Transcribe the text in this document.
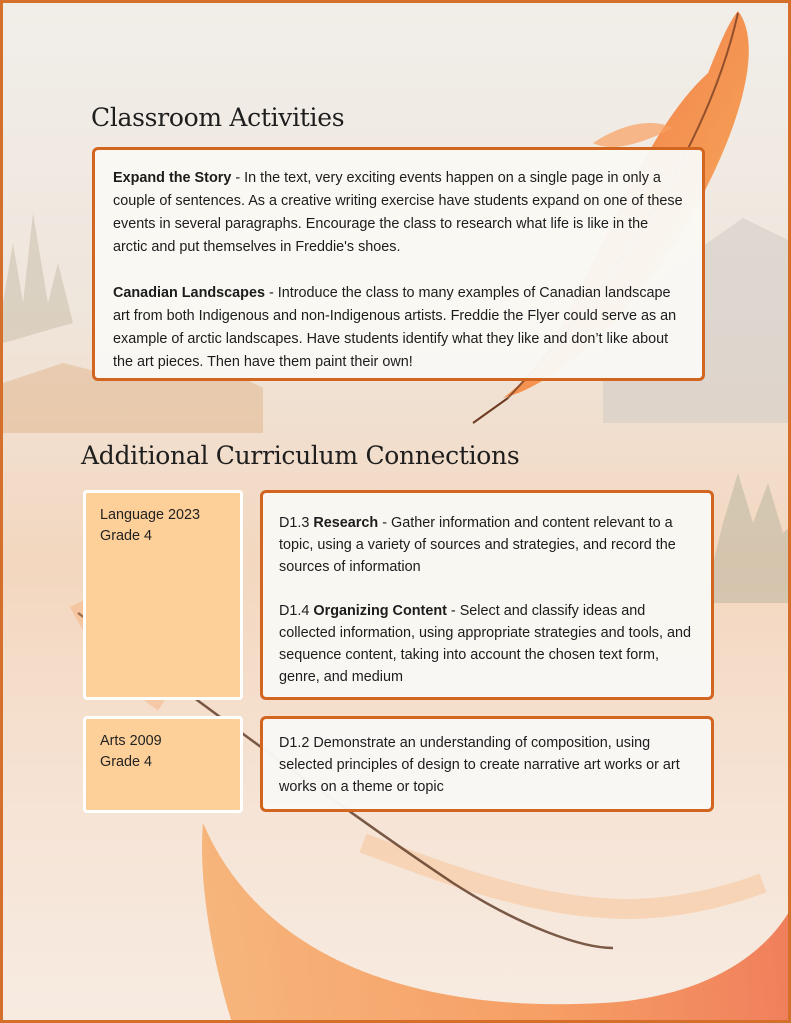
Classroom Activities

Expand the Story - In the text, very exciting events happen on a single page in only a couple of sentences. As a creative writing exercise have students expand on one of these events in several paragraphs. Encourage the class to research what life is like in the arctic and put themselves in Freddie's shoes.

Canadian Landscapes - Introduce the class to many examples of Canadian landscape art from both Indigenous and non-Indigenous artists. Freddie the Flyer could serve as an example of arctic landscapes. Have students identify what they like and don’t like about the art pieces. Then have them paint their own!

Additional Curriculum Connections
Language 2023
Grade 4

D1.3 Research - Gather information and content relevant to a topic, using a variety of sources and strategies, and record the sources of information

D1.4 Organizing Content - Select and classify ideas and collected information, using appropriate strategies and tools, and sequence content, taking into account the chosen text form, genre, and medium

Arts 2009
Grade 4

D1.2 Demonstrate an understanding of composition, using selected principles of design to create narrative art works or art works on a theme or topic
